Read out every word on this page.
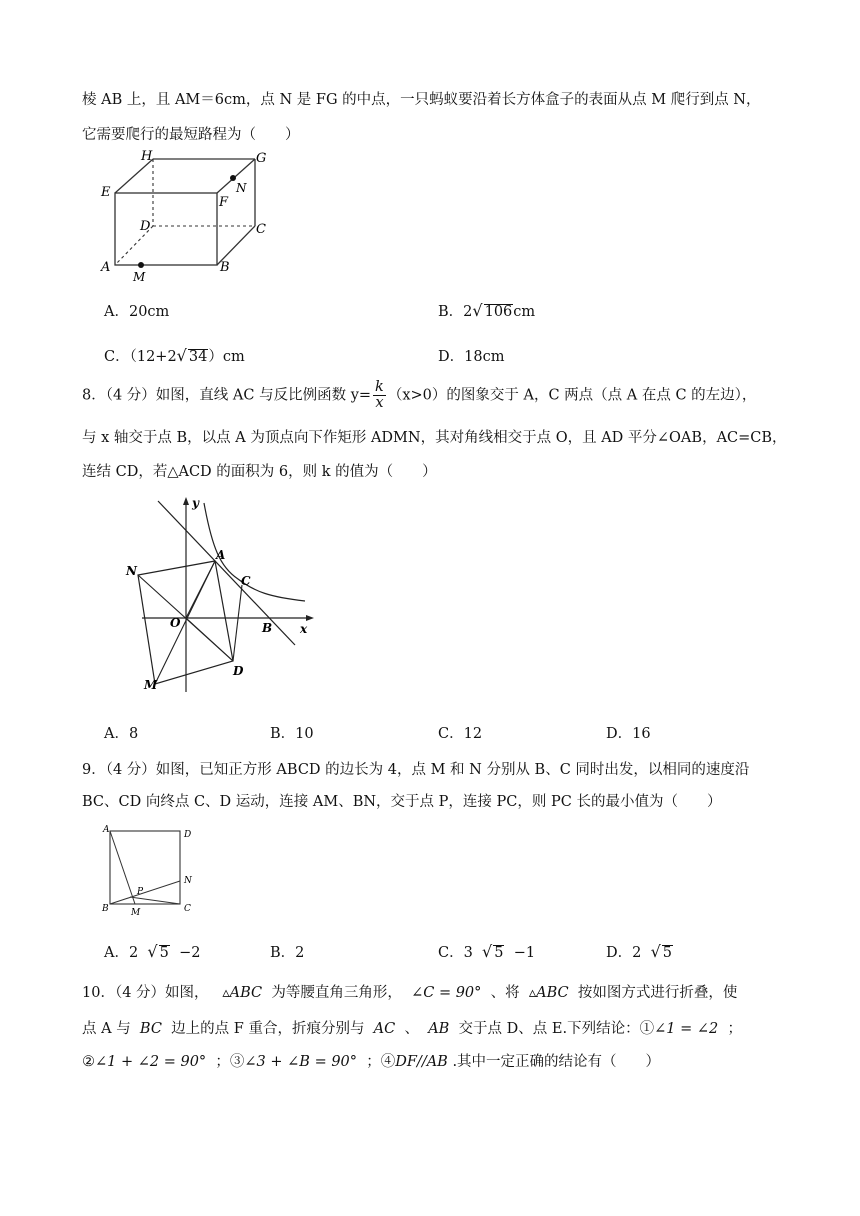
棱 AB 上，且 AM＝6cm，点 N 是 FG 的中点，一只蚂蚁要沿着长方体盒子的表面从点 M 爬行到点 N，
它需要爬行的最短路程为（　　）
H	G
E	N
F
D	C
A
M
B
A．20cm	B．2√ 106cm
C．（12+2√ 34）cm	D．18cm
8．（4 分）如图，直线 AC 与反比例函数 $y= \frac{k}{x} (x>0)$的图象交于 A，C 两点（点 A 在点 C 的左边），
与 x 轴交于点 B，以点 A 为顶点向下作矩形 ADMN，其对角线相交于点 O，且 AD 平分∠OAB，AC=CB，
连结 CD，若△ACD 的面积为 6，则 k 的值为（　　）
y
x
A
N
C
O	B
M
D
A．8	B．10	C．12	D．16
9．（4 分）如图，已知正方形 ABCD 的边长为 4，点 M 和 N 分别从 B、C 同时出发，以相同的速度沿
BC、CD 向终点 C、D 运动，连接 AM、BN，交于点 P，连接 PC，则 PC 长的最小值为（　　）
A	D
N
P
B M	C
A．2 √ 5 −2	B．2	C．3 √ 5 −1	D．2 √ 5
10．（4 分）如图， ▵ABC 为等腰直角三角形， ∠C = 90° 、将 ▵ABC 按如图方式进行折叠，使
点 A 与 BC 边上的点 F 重合，折痕分别与 AC 、 AB 交于点 D、点 E.下列结论：①∠1 = ∠2 ；
②∠1 + ∠2 = 90° ；③∠3 + ∠B = 90° ；④DF//AB .其中一定正确的结论有（　　）
